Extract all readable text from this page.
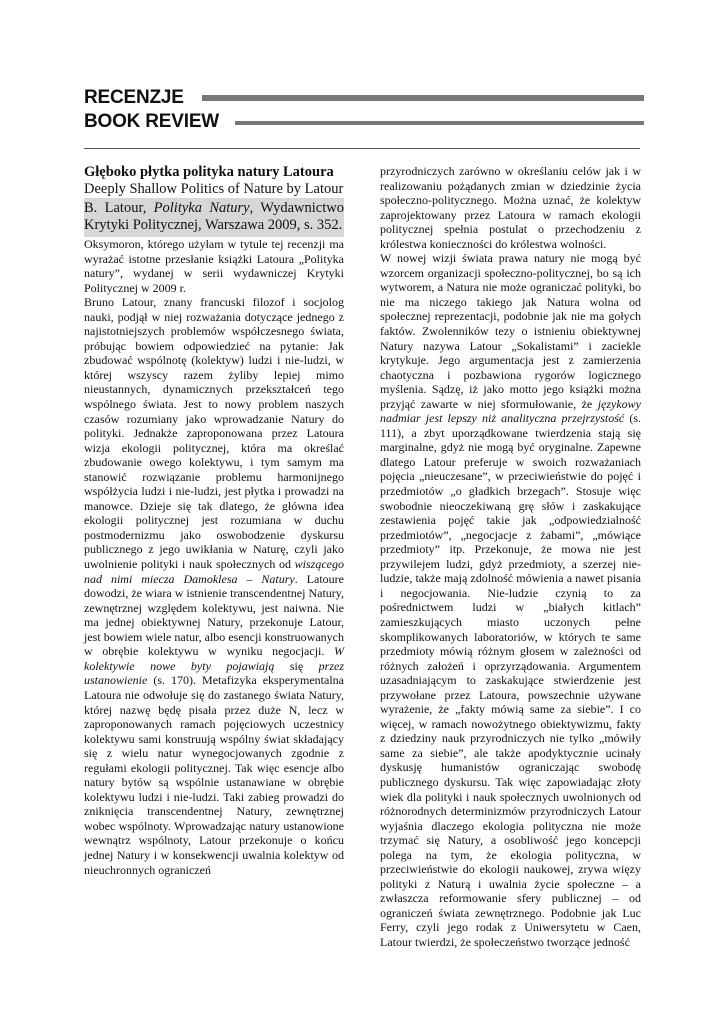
RECENZJE
BOOK REVIEW

Głęboko płytka polityka natury Latoura

Deeply Shallow Politics of Nature by Latour

B. Latour, Polityka Natury, Wydawnictwo Krytyki Politycznej, Warszawa 2009, s. 352.

Oksymoron, którego użyłam w tytule tej recenzji ma wyrażać istotne przesłanie książki Latoura „Polityka natury”, wydanej w serii wydawniczej Krytyki Politycznej w 2009 r.

Bruno Latour, znany francuski filozof i socjolog nauki, podjął w niej rozważania dotyczące jednego z najistotniejszych problemów współczesnego świata, próbując bowiem odpowiedzieć na pytanie: Jak zbudować wspólnotę (kolektyw) ludzi i nie-ludzi, w której wszyscy razem żyliby lepiej mimo nieustannych, dynamicznych przekształceń tego wspólnego świata. Jest to nowy problem naszych czasów rozumiany jako wprowadzanie Natury do polityki. Jednakże zaproponowana przez Latoura wizja ekologii politycznej, która ma określać zbudowanie owego kolektywu, i tym samym ma stanowić rozwiązanie problemu harmonijnego współżycia ludzi i nie-ludzi, jest płytka i prowadzi na manowce. Dzieje się tak dlatego, że główna idea ekologii politycznej jest rozumiana w duchu postmodernizmu jako oswobodzenie dyskursu publicznego z jego uwikłania w Naturę, czyli jako uwolnienie polityki i nauk społecznych od wiszącego nad nimi miecza Damoklesa – Natury. Latoure dowodzi, że wiara w istnienie transcendentnej Natury, zewnętrznej względem kolektywu, jest naiwna. Nie ma jednej obiektywnej Natury, przekonuje Latour, jest bowiem wiele natur, albo esencji konstruowanych w obrębie kolektywu w wyniku negocjacji. W kolektywie nowe byty pojawiają się przez ustanowienie (s. 170). Metafizyka eksperymentalna Latoura nie odwołuje się do zastanego świata Natury, której nazwę będę pisała przez duże N, lecz w zaproponowanych ramach pojęciowych uczestnicy kolektywu sami konstruują wspólny świat składający się z wielu natur wynegocjowanych zgodnie z regułami ekologii politycznej. Tak więc esencje albo natury bytów są wspólnie ustanawiane w obrębie kolektywu ludzi i nie-ludzi. Taki zabieg prowadzi do zniknięcia transcendentnej Natury, zewnętrznej wobec wspólnoty. Wprowadzając natury ustanowione wewnątrz wspólnoty, Latour przekonuje o końcu jednej Natury i w konsekwencji uwalnia kolektyw od nieuchronnych ograniczeń

przyrodniczych zarówno w określaniu celów jak i w realizowaniu pożądanych zmian w dziedzinie życia społeczno-politycznego. Można uznać, że kolektyw zaprojektowany przez Latoura w ramach ekologii politycznej spełnia postulat o przechodzeniu z królestwa konieczności do królestwa wolności.

W nowej wizji świata prawa natury nie mogą być wzorcem organizacji społeczno-politycznej, bo są ich wytworem, a Natura nie może ograniczać polityki, bo nie ma niczego takiego jak Natura wolna od społecznej reprezentacji, podobnie jak nie ma gołych faktów. Zwolenników tezy o istnieniu obiektywnej Natury nazywa Latour „Sokalistami” i zaciekle krytykuje. Jego argumentacja jest z zamierzenia chaotyczna i pozbawiona rygorów logicznego myślenia. Sądzę, iż jako motto jego książki można przyjąć zawarte w niej sformułowanie, że językowy nadmiar jest lepszy niż analityczna przejrzystość (s. 111), a zbyt uporządkowane twierdzenia stają się marginalne, gdyż nie mogą być oryginalne. Zapewne dlatego Latour preferuje w swoich rozważaniach pojęcia „nieuczesane”, w przeciwieństwie do pojęć i przedmiotów „o gładkich brzegach”. Stosuje więc swobodnie nieoczekiwaną grę słów i zaskakujące zestawienia pojęć takie jak „odpowiedzialność przedmiotów”, „negocjacje z żabami”, „mówiące przedmioty” itp. Przekonuje, że mowa nie jest przywilejem ludzi, gdyż przedmioty, a szerzej nie-ludzie, także mają zdolność mówienia a nawet pisania i negocjowania. Nie-ludzie czynią to za pośrednictwem ludzi w „białych kitlach” zamieszkujących miasto uczonych pełne skomplikowanych laboratoriów, w których te same przedmioty mówią różnym głosem w zależności od różnych założeń i oprzyrządowania. Argumentem uzasadniającym to zaskakujące stwierdzenie jest przywołane przez Latoura, powszechnie używane wyrażenie, że „fakty mówią same za siebie”. I co więcej, w ramach nowożytnego obiektywizmu, fakty z dziedziny nauk przyrodniczych nie tylko „mówiły same za siebie”, ale także apodyktycznie ucinały dyskusję humanistów ograniczając swobodę publicznego dyskursu. Tak więc zapowiadając złoty wiek dla polityki i nauk społecznych uwolnionych od różnorodnych determinizmów przyrodniczych Latour wyjaśnia dlaczego ekologia polityczna nie może trzymać się Natury, a osobliwość jego koncepcji polega na tym, że ekologia polityczna, w przeciwieństwie do ekologii naukowej, zrywa więzy polityki z Naturą i uwalnia życie społeczne – a zwłaszcza reformowanie sfery publicznej – od ograniczeń świata zewnętrznego. Podobnie jak Luc Ferry, czyli jego rodak z Uniwersytetu w Caen, Latour twierdzi, że społeczeństwo tworzące jedność
